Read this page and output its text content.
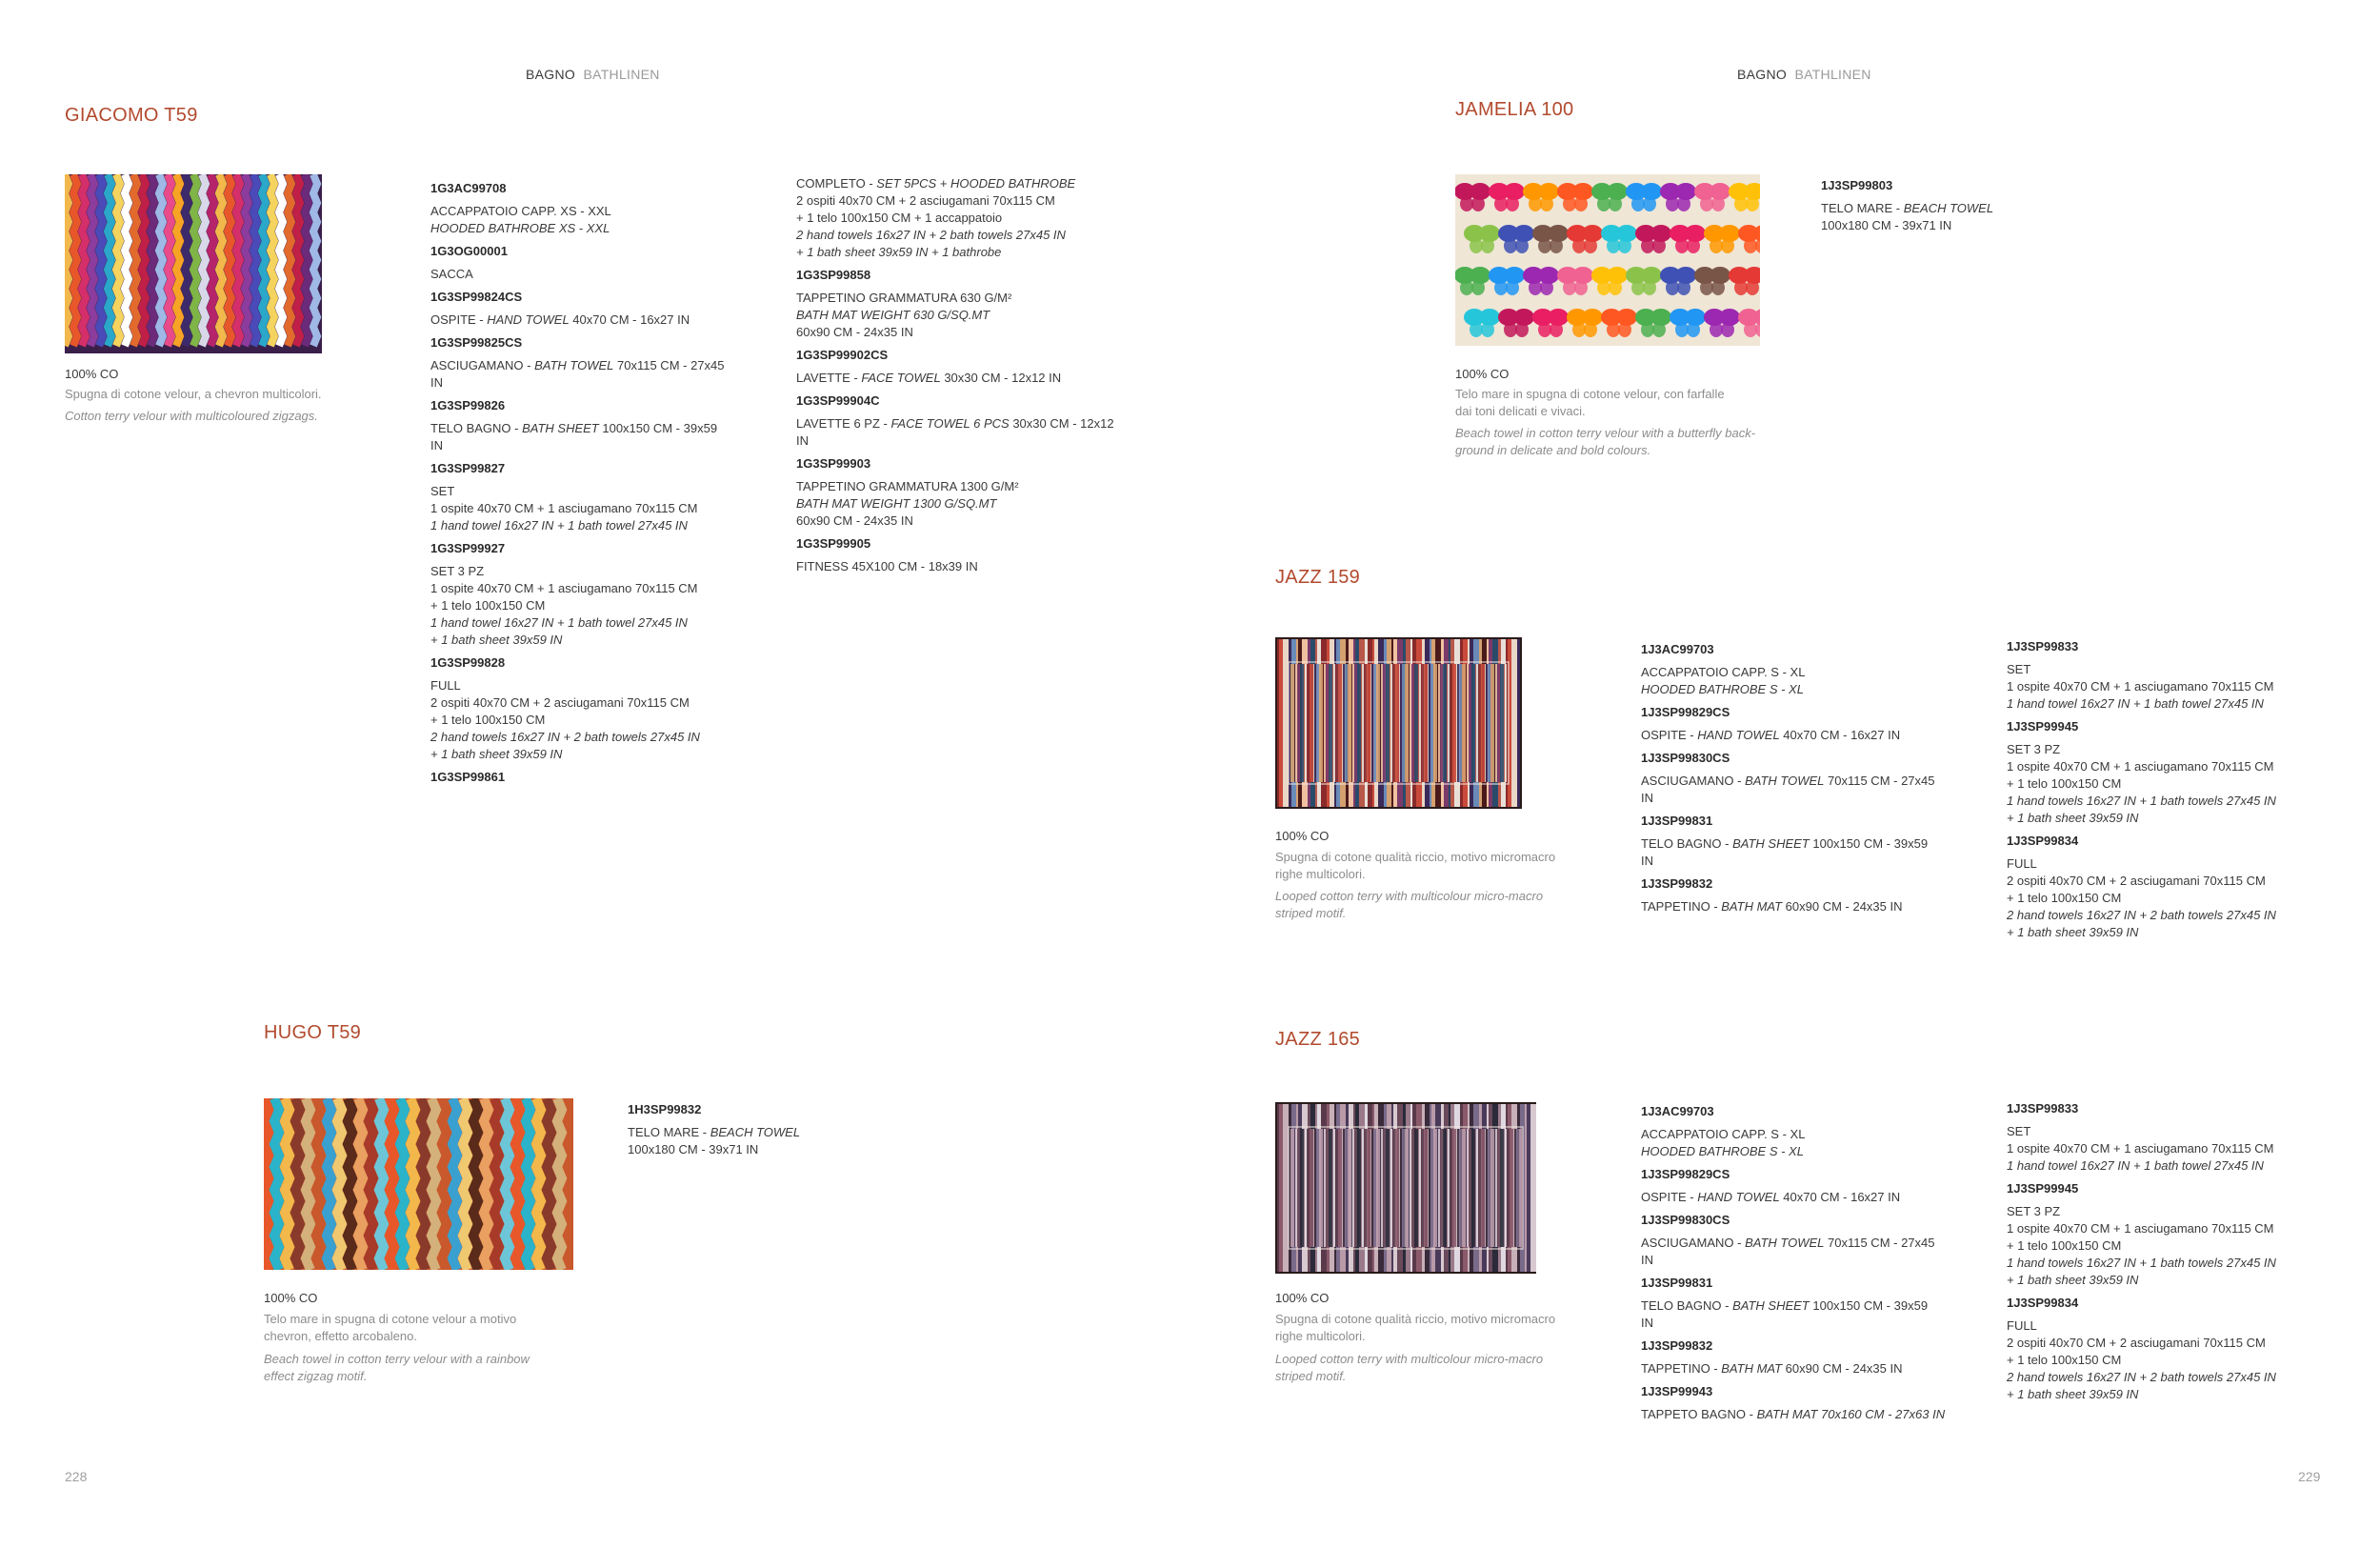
BAGNO BATHLINEN	BAGNO BATHLINEN
GIACOMO T59
100% CO
Spugna di cotone velour, a chevron multicolori.
Cotton terry velour with multicoloured zigzags.
1G3AC99708
ACCAPPATOIO CAPP. XS - XXL
HOODED BATHROBE XS - XXL
1G3OG00001
SACCA
1G3SP99824CS
OSPITE - HAND TOWEL 40x70 CM - 16x27 IN
1G3SP99825CS
ASCIUGAMANO - BATH TOWEL 70x115 CM - 27x45
IN
1G3SP99826
TELO BAGNO - BATH SHEET 100x150 CM - 39x59
IN
1G3SP99827
SET
1 ospite 40x70 CM + 1 asciugamano 70x115 CM
1 hand towel 16x27 IN + 1 bath towel 27x45 IN
1G3SP99927
SET 3 PZ
1 ospite 40x70 CM + 1 asciugamano 70x115 CM
+ 1 telo 100x150 CM
1 hand towel 16x27 IN + 1 bath towel 27x45 IN
+ 1 bath sheet 39x59 IN
1G3SP99828
FULL
2 ospiti 40x70 CM + 2 asciugamani 70x115 CM
+ 1 telo 100x150 CM
2 hand towels 16x27 IN + 2 bath towels 27x45 IN
+ 1 bath sheet 39x59 IN
1G3SP99861
COMPLETO - SET 5PCS + HOODED BATHROBE
2 ospiti 40x70 CM + 2 asciugamani 70x115 CM
+ 1 telo 100x150 CM + 1 accappatoio
2 hand towels 16x27 IN + 2 bath towels 27x45 IN
+ 1 bath sheet 39x59 IN + 1 bathrobe
1G3SP99858
TAPPETINO GRAMMATURA 630 G/M²
BATH MAT WEIGHT 630 G/SQ.MT
60x90 CM - 24x35 IN
1G3SP99902CS
LAVETTE - FACE TOWEL 30x30 CM - 12x12 IN
1G3SP99904C
LAVETTE 6 PZ - FACE TOWEL 6 PCS 30x30 CM - 12x12
IN
1G3SP99903
TAPPETINO GRAMMATURA 1300 G/M²
BATH MAT WEIGHT 1300 G/SQ.MT
60x90 CM - 24x35 IN
1G3SP99905
FITNESS 45X100 CM - 18x39 IN
HUGO T59
100% CO
Telo mare in spugna di cotone velour a motivo
chevron, effetto arcobaleno.
Beach towel in cotton terry velour with a rainbow
effect zigzag motif.
1H3SP99832
TELO MARE - BEACH TOWEL
100x180 CM - 39x71 IN
JAMELIA 100
100% CO
Telo mare in spugna di cotone velour, con farfalle
dai toni delicati e vivaci.
Beach towel in cotton terry velour with a butterfly back-
ground in delicate and bold colours.
1J3SP99803
TELO MARE - BEACH TOWEL
100x180 CM - 39x71 IN
JAZZ 159
100% CO
Spugna di cotone qualità riccio, motivo micromacro
righe multicolori.
Looped cotton terry with multicolour micro-macro
striped motif.
1J3AC99703
ACCAPPATOIO CAPP. S - XL
HOODED BATHROBE S - XL
1J3SP99829CS
OSPITE - HAND TOWEL 40x70 CM - 16x27 IN
1J3SP99830CS
ASCIUGAMANO - BATH TOWEL 70x115 CM - 27x45
IN
1J3SP99831
TELO BAGNO - BATH SHEET 100x150 CM - 39x59
IN
1J3SP99832
TAPPETINO - BATH MAT 60x90 CM - 24x35 IN
1J3SP99833
SET
1 ospite 40x70 CM + 1 asciugamano 70x115 CM
1 hand towel 16x27 IN + 1 bath towel 27x45 IN
1J3SP99945
SET 3 PZ
1 ospite 40x70 CM + 1 asciugamano 70x115 CM
+ 1 telo 100x150 CM
1 hand towels 16x27 IN + 1 bath towels 27x45 IN
+ 1 bath sheet 39x59 IN
1J3SP99834
FULL
2 ospiti 40x70 CM + 2 asciugamani 70x115 CM
+ 1 telo 100x150 CM
2 hand towels 16x27 IN + 2 bath towels 27x45 IN
+ 1 bath sheet 39x59 IN
JAZZ 165
100% CO
Spugna di cotone qualità riccio, motivo micromacro
righe multicolori.
Looped cotton terry with multicolour micro-macro
striped motif.
1J3AC99703
ACCAPPATOIO CAPP. S - XL
HOODED BATHROBE S - XL
1J3SP99829CS
OSPITE - HAND TOWEL 40x70 CM - 16x27 IN
1J3SP99830CS
ASCIUGAMANO - BATH TOWEL 70x115 CM - 27x45
IN
1J3SP99831
TELO BAGNO - BATH SHEET 100x150 CM - 39x59
IN
1J3SP99832
TAPPETINO - BATH MAT 60x90 CM - 24x35 IN
1J3SP99943
TAPPETO BAGNO - BATH MAT 70x160 CM - 27x63 IN
1J3SP99833
SET
1 ospite 40x70 CM + 1 asciugamano 70x115 CM
1 hand towel 16x27 IN + 1 bath towel 27x45 IN
1J3SP99945
SET 3 PZ
1 ospite 40x70 CM + 1 asciugamano 70x115 CM
+ 1 telo 100x150 CM
1 hand towels 16x27 IN + 1 bath towels 27x45 IN
+ 1 bath sheet 39x59 IN
1J3SP99834
FULL
2 ospiti 40x70 CM + 2 asciugamani 70x115 CM
+ 1 telo 100x150 CM
2 hand towels 16x27 IN + 2 bath towels 27x45 IN
+ 1 bath sheet 39x59 IN
228	229
